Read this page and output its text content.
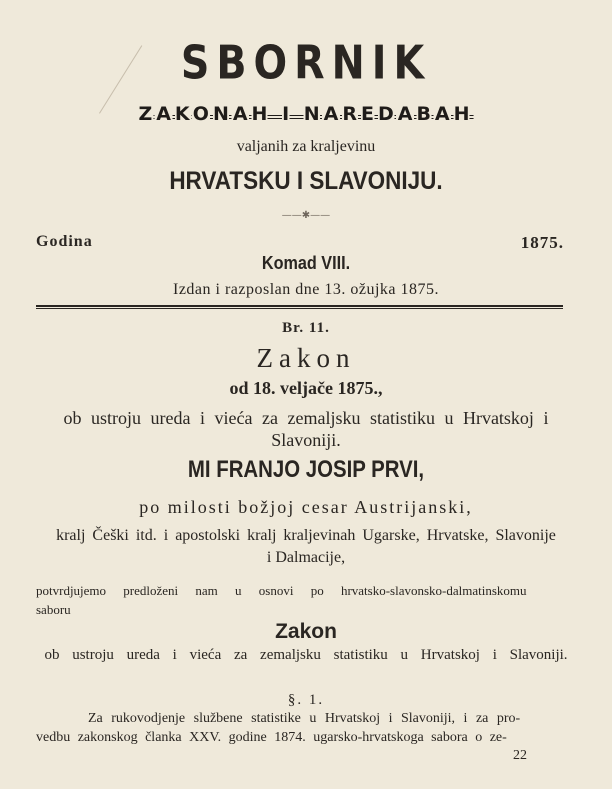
SBORNIK
ZAKONAH I NAREDABAH
valjanih za kraljevinu
HRVATSKU I SLAVONIJU.
——✱——
Godina	1875.
Komad VIII.
Izdan i razposlan dne 13. ožujka 1875.
Br. 11.
Zakon
od 18. veljače 1875.,
ob ustroju ureda i vieća za zemaljsku statistiku u Hrvatskoj i
Slavoniji.
MI FRANJO JOSIP PRVI,
po milosti božjoj cesar Austrijanski,
kralj Češki itd. i apostolski kralj kraljevinah Ugarske, Hrvatske, Slavonije
i Dalmacije,
potvrdjujemo predloženi nam u osnovi po hrvatsko-slavonsko-dalmatinskomu saboru
Zakon
ob ustroju ureda i vieća za zemaljsku statistiku u Hrvatskoj i Slavoniji.
§. 1.
Za rukovodjenje službene statistike u Hrvatskoj i Slavoniji, i za pro-
vedbu zakonskog članka XXV. godine 1874. ugarsko-hrvatskoga sabora o ze-
22
